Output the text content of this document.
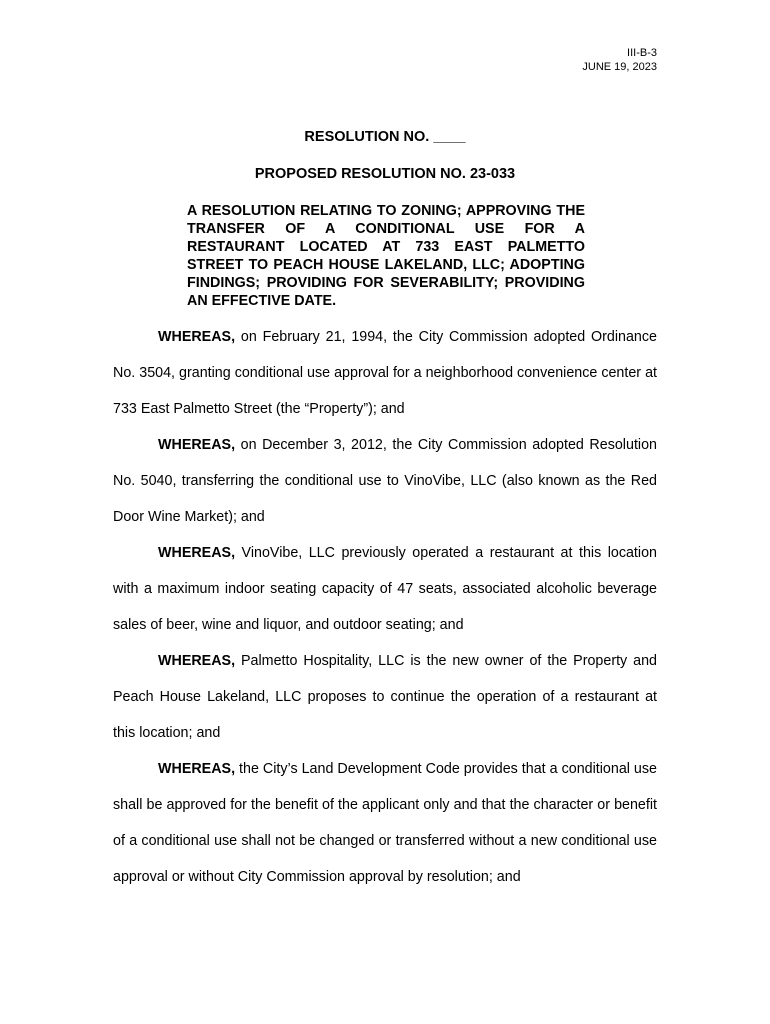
III-B-3
JUNE 19, 2023
RESOLUTION NO. ____
PROPOSED RESOLUTION NO. 23-033
A RESOLUTION RELATING TO ZONING; APPROVING THE TRANSFER OF A CONDITIONAL USE FOR A RESTAURANT LOCATED AT 733 EAST PALMETTO STREET TO PEACH HOUSE LAKELAND, LLC; ADOPTING FINDINGS; PROVIDING FOR SEVERABILITY; PROVIDING AN EFFECTIVE DATE.

WHEREAS, on February 21, 1994, the City Commission adopted Ordinance No. 3504, granting conditional use approval for a neighborhood convenience center at 733 East Palmetto Street (the “Property”); and

WHEREAS, on December 3, 2012, the City Commission adopted Resolution No. 5040, transferring the conditional use to VinoVibe, LLC (also known as the Red Door Wine Market); and

WHEREAS, VinoVibe, LLC previously operated a restaurant at this location with a maximum indoor seating capacity of 47 seats, associated alcoholic beverage sales of beer, wine and liquor, and outdoor seating; and

WHEREAS, Palmetto Hospitality, LLC is the new owner of the Property and Peach House Lakeland, LLC proposes to continue the operation of a restaurant at this location; and

WHEREAS, the City’s Land Development Code provides that a conditional use shall be approved for the benefit of the applicant only and that the character or benefit of a conditional use shall not be changed or transferred without a new conditional use approval or without City Commission approval by resolution; and
